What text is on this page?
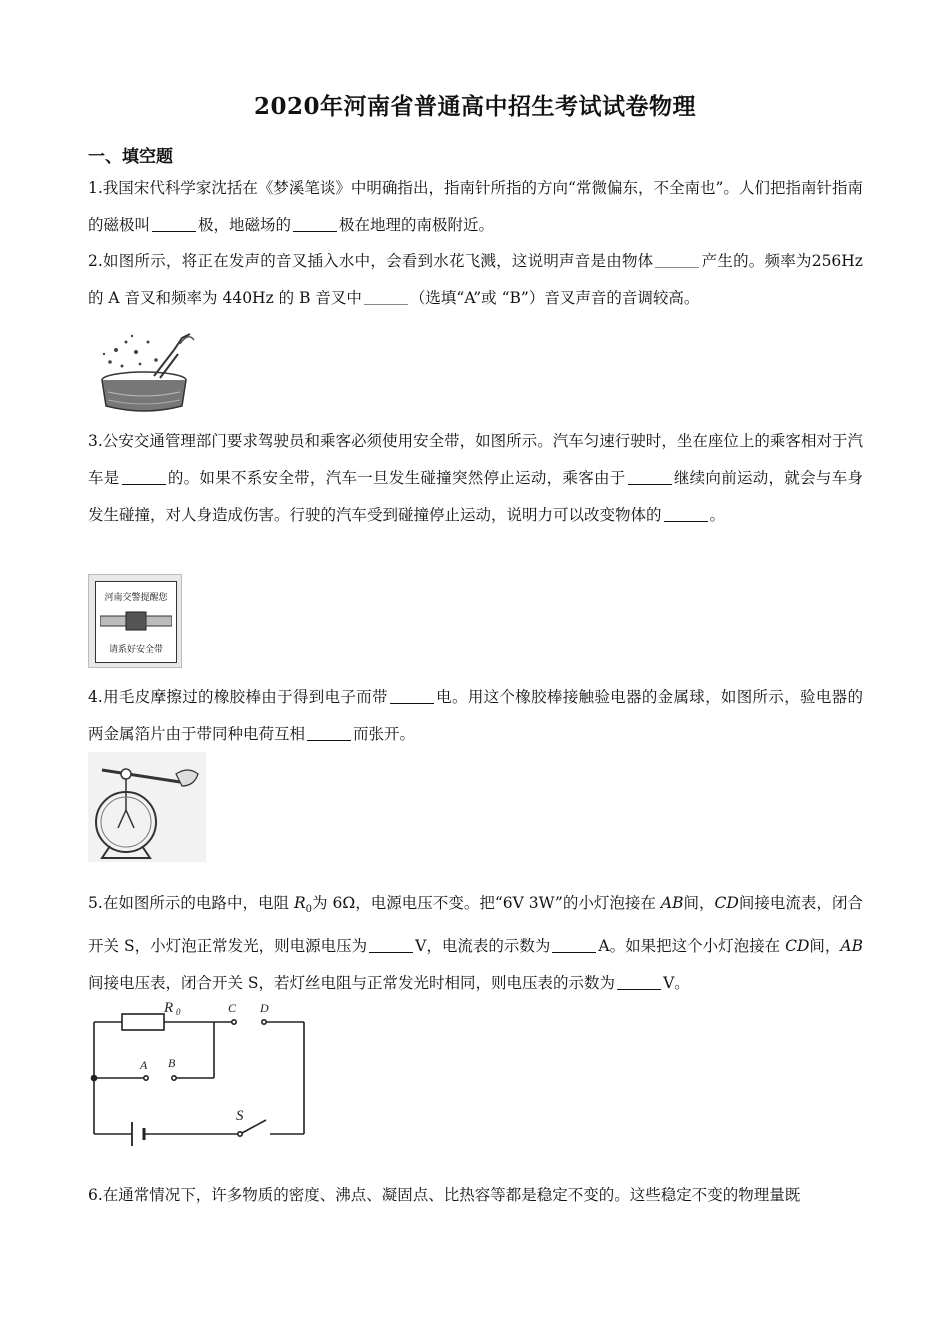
2020年河南省普通高中招生考试试卷物理
一、填空题
1.我国宋代科学家沈括在《梦溪笔谈》中明确指出，指南针所指的方向“常微偏东，不全南也”。人们把指南针指南的磁极叫	极，地磁场的	极在地理的南极附近。
2.如图所示，将正在发声的音叉插入水中，会看到水花飞溅，这说明声音是由物体	产生的。频率为256Hz 的 A 音叉和频率为 440Hz 的 B 音叉中	（选填“A”或 “B”）音叉声音的音调较高。
3.公安交通管理部门要求驾驶员和乘客必须使用安全带，如图所示。汽车匀速行驶时，坐在座位上的乘客相对于汽车是	的。如果不系安全带，汽车一旦发生碰撞突然停止运动，乘客由于	继续向前运动，就会与车身发生碰撞，对人身造成伤害。行驶的汽车受到碰撞停止运动，说明力可以改变物体的	。
河南交警提醒您
请系好安全带
4.用毛皮摩擦过的橡胶棒由于得到电子而带	电。用这个橡胶棒接触验电器的金属球，如图所示，验电器的两金属箔片由于带同种电荷互相	而张开。
5.在如图所示的电路中，电阻 $R_0$为 6Ω，电源电压不变。把“6V 3W”的小灯泡接在 AB间，CD间接电流表，闭合开关 S，小灯泡正常发光，则电源电压为	V，电流表的示数为	A。如果把这个小灯泡接在 CD间，AB间接电压表，闭合开关 S，若灯丝电阻与正常发光时相同，则电压表的示数为	V。
R 0	C D
A B
S
6.在通常情况下，许多物质的密度、沸点、凝固点、比热容等都是稳定不变的。这些稳定不变的物理量既
